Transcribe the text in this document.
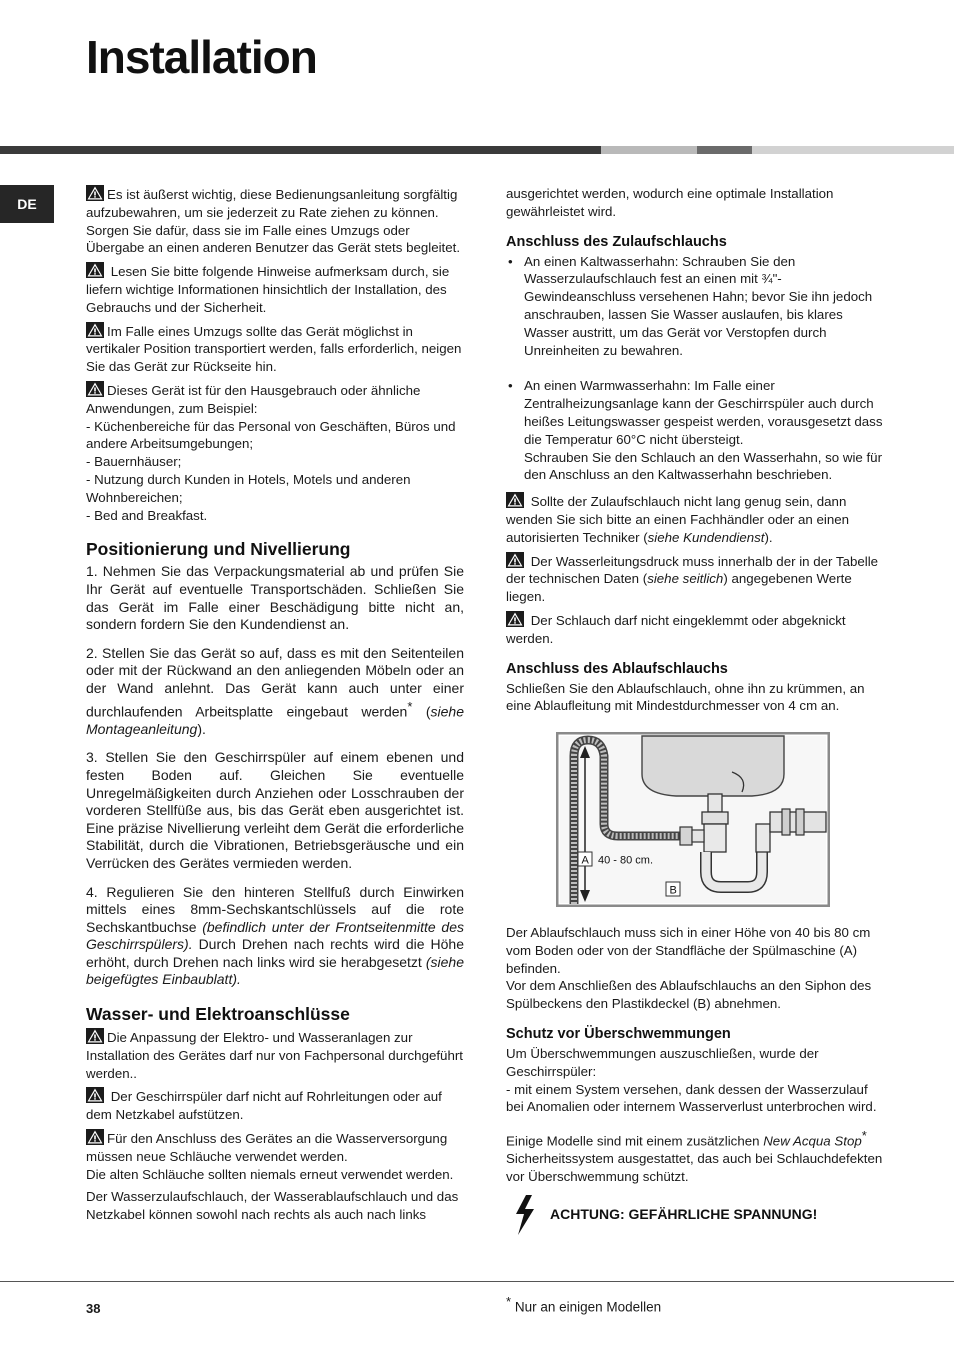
Installation
DE

Es ist äußerst wichtig, diese Bedienungsanleitung sorgfältig aufzubewahren, um sie jederzeit zu Rate ziehen zu können. Sorgen Sie dafür, dass sie im Falle eines Umzugs oder Übergabe an einen anderen Benutzer das Gerät stets begleitet.

Lesen Sie bitte folgende Hinweise aufmerksam durch, sie liefern wichtige Informationen hinsichtlich der Installation, des Gebrauchs und der Sicherheit.

Im Falle eines Umzugs sollte das Gerät möglichst in vertikaler Position transportiert werden, falls erforderlich, neigen Sie das Gerät zur Rückseite hin.

Dieses Gerät ist für den Hausgebrauch oder ähnliche Anwendungen, zum Beispiel:
- Küchenbereiche für das Personal von Geschäften, Büros und andere Arbeitsumgebungen;
- Bauernhäuser;
- Nutzung durch Kunden in Hotels, Motels und anderen Wohnbereichen;
- Bed and Breakfast.

Positionierung und Nivellierung

1. Nehmen Sie das Verpackungsmaterial ab und prüfen Sie Ihr Gerät auf eventuelle Transportschäden. Schließen Sie das Gerät im Falle einer Beschädigung bitte nicht an, sondern fordern Sie den Kundendienst an.

2. Stellen Sie das Gerät so auf, dass es mit den Seitenteilen oder mit der Rückwand an den anliegenden Möbeln oder an der Wand anlehnt. Das Gerät kann auch unter einer durchlaufenden Arbeitsplatte eingebaut werden* (siehe Montageanleitung).

3. Stellen Sie den Geschirrspüler auf einem ebenen und festen Boden auf. Gleichen Sie eventuelle Unregelmäßigkeiten durch Anziehen oder Losschrauben der vorderen Stellfüße aus, bis das Gerät eben ausgerichtet ist. Eine präzise Nivellierung verleiht dem Gerät die erforderliche Stabilität, durch die Vibrationen, Betriebsgeräusche und ein Verrücken des Gerätes vermieden werden.

4. Regulieren Sie den hinteren Stellfuß durch Einwirken mittels eines 8mm-Sechskantschlüssels auf die rote Sechskantbuchse (befindlich unter der Frontseitenmitte des Geschirrspülers). Durch Drehen nach rechts wird die Höhe erhöht, durch Drehen nach links wird sie herabgesetzt (siehe beigefügtes Einbaublatt).

Wasser- und Elektroanschlüsse

Die Anpassung der Elektro- und Wasseranlagen zur Installation des Gerätes darf nur von Fachpersonal durchgeführt werden..

Der Geschirrspüler darf nicht auf Rohrleitungen oder auf dem Netzkabel aufstützen.

Für den Anschluss des Gerätes an die Wasserversorgung müssen neue Schläuche verwendet werden.
Die alten Schläuche sollten niemals erneut verwendet werden.

Der Wasserzulaufschlauch, der Wasserablaufschlauch und das Netzkabel können sowohl nach rechts als auch nach links

ausgerichtet werden, wodurch eine optimale Installation gewährleistet wird.

Anschluss des Zulaufschlauchs
• An einen Kaltwasserhahn: Schrauben Sie den Wasserzulaufschlauch fest an einen mit ¾"-Gewindeanschluss versehenen Hahn; bevor Sie ihn jedoch anschrauben, lassen Sie Wasser auslaufen, bis klares Wasser austritt, um das Gerät vor Verstopfen durch Unreinheiten zu bewahren.
• An einen Warmwasserhahn: Im Falle einer Zentralheizungsanlage kann der Geschirrspüler auch durch heißes Leitungswasser gespeist werden, vorausgesetzt dass die Temperatur 60°C nicht übersteigt.
Schrauben Sie den Schlauch an den Wasserhahn, so wie für den Anschluss an den Kaltwasserhahn beschrieben.

Sollte der Zulaufschlauch nicht lang genug sein, dann wenden Sie sich bitte an einen Fachhändler oder an einen autorisierten Techniker (siehe Kundendienst).

Der Wasserleitungsdruck muss innerhalb der in der Tabelle der technischen Daten (siehe seitlich) angegebenen Werte liegen.

Der Schlauch darf nicht eingeklemmt oder abgeknickt werden.

Anschluss des Ablaufschlauchs

Schließen Sie den Ablaufschlauch, ohne ihn zu krümmen, an eine Ablaufleitung mit Mindestdurchmesser von 4 cm an.

A 40 - 80 cm.
B

Der Ablaufschlauch muss sich in einer Höhe von 40 bis 80 cm vom Boden oder von der Standfläche der Spülmaschine (A) befinden.
Vor dem Anschließen des Ablaufschlauchs an den Siphon des Spülbeckens den Plastikdeckel (B) abnehmen.

Schutz vor Überschwemmungen

Um Überschwemmungen auszuschließen, wurde der Geschirrspüler:
- mit einem System versehen, dank dessen der Wasserzulauf bei Anomalien oder internem Wasserverlust unterbrochen wird.

Einige Modelle sind mit einem zusätzlichen New Acqua Stop* Sicherheitssystem ausgestattet, das auch bei Schlauchdefekten vor Überschwemmung schützt.

ACHTUNG: GEFÄHRLICHE SPANNUNG!
38	* Nur an einigen Modellen
